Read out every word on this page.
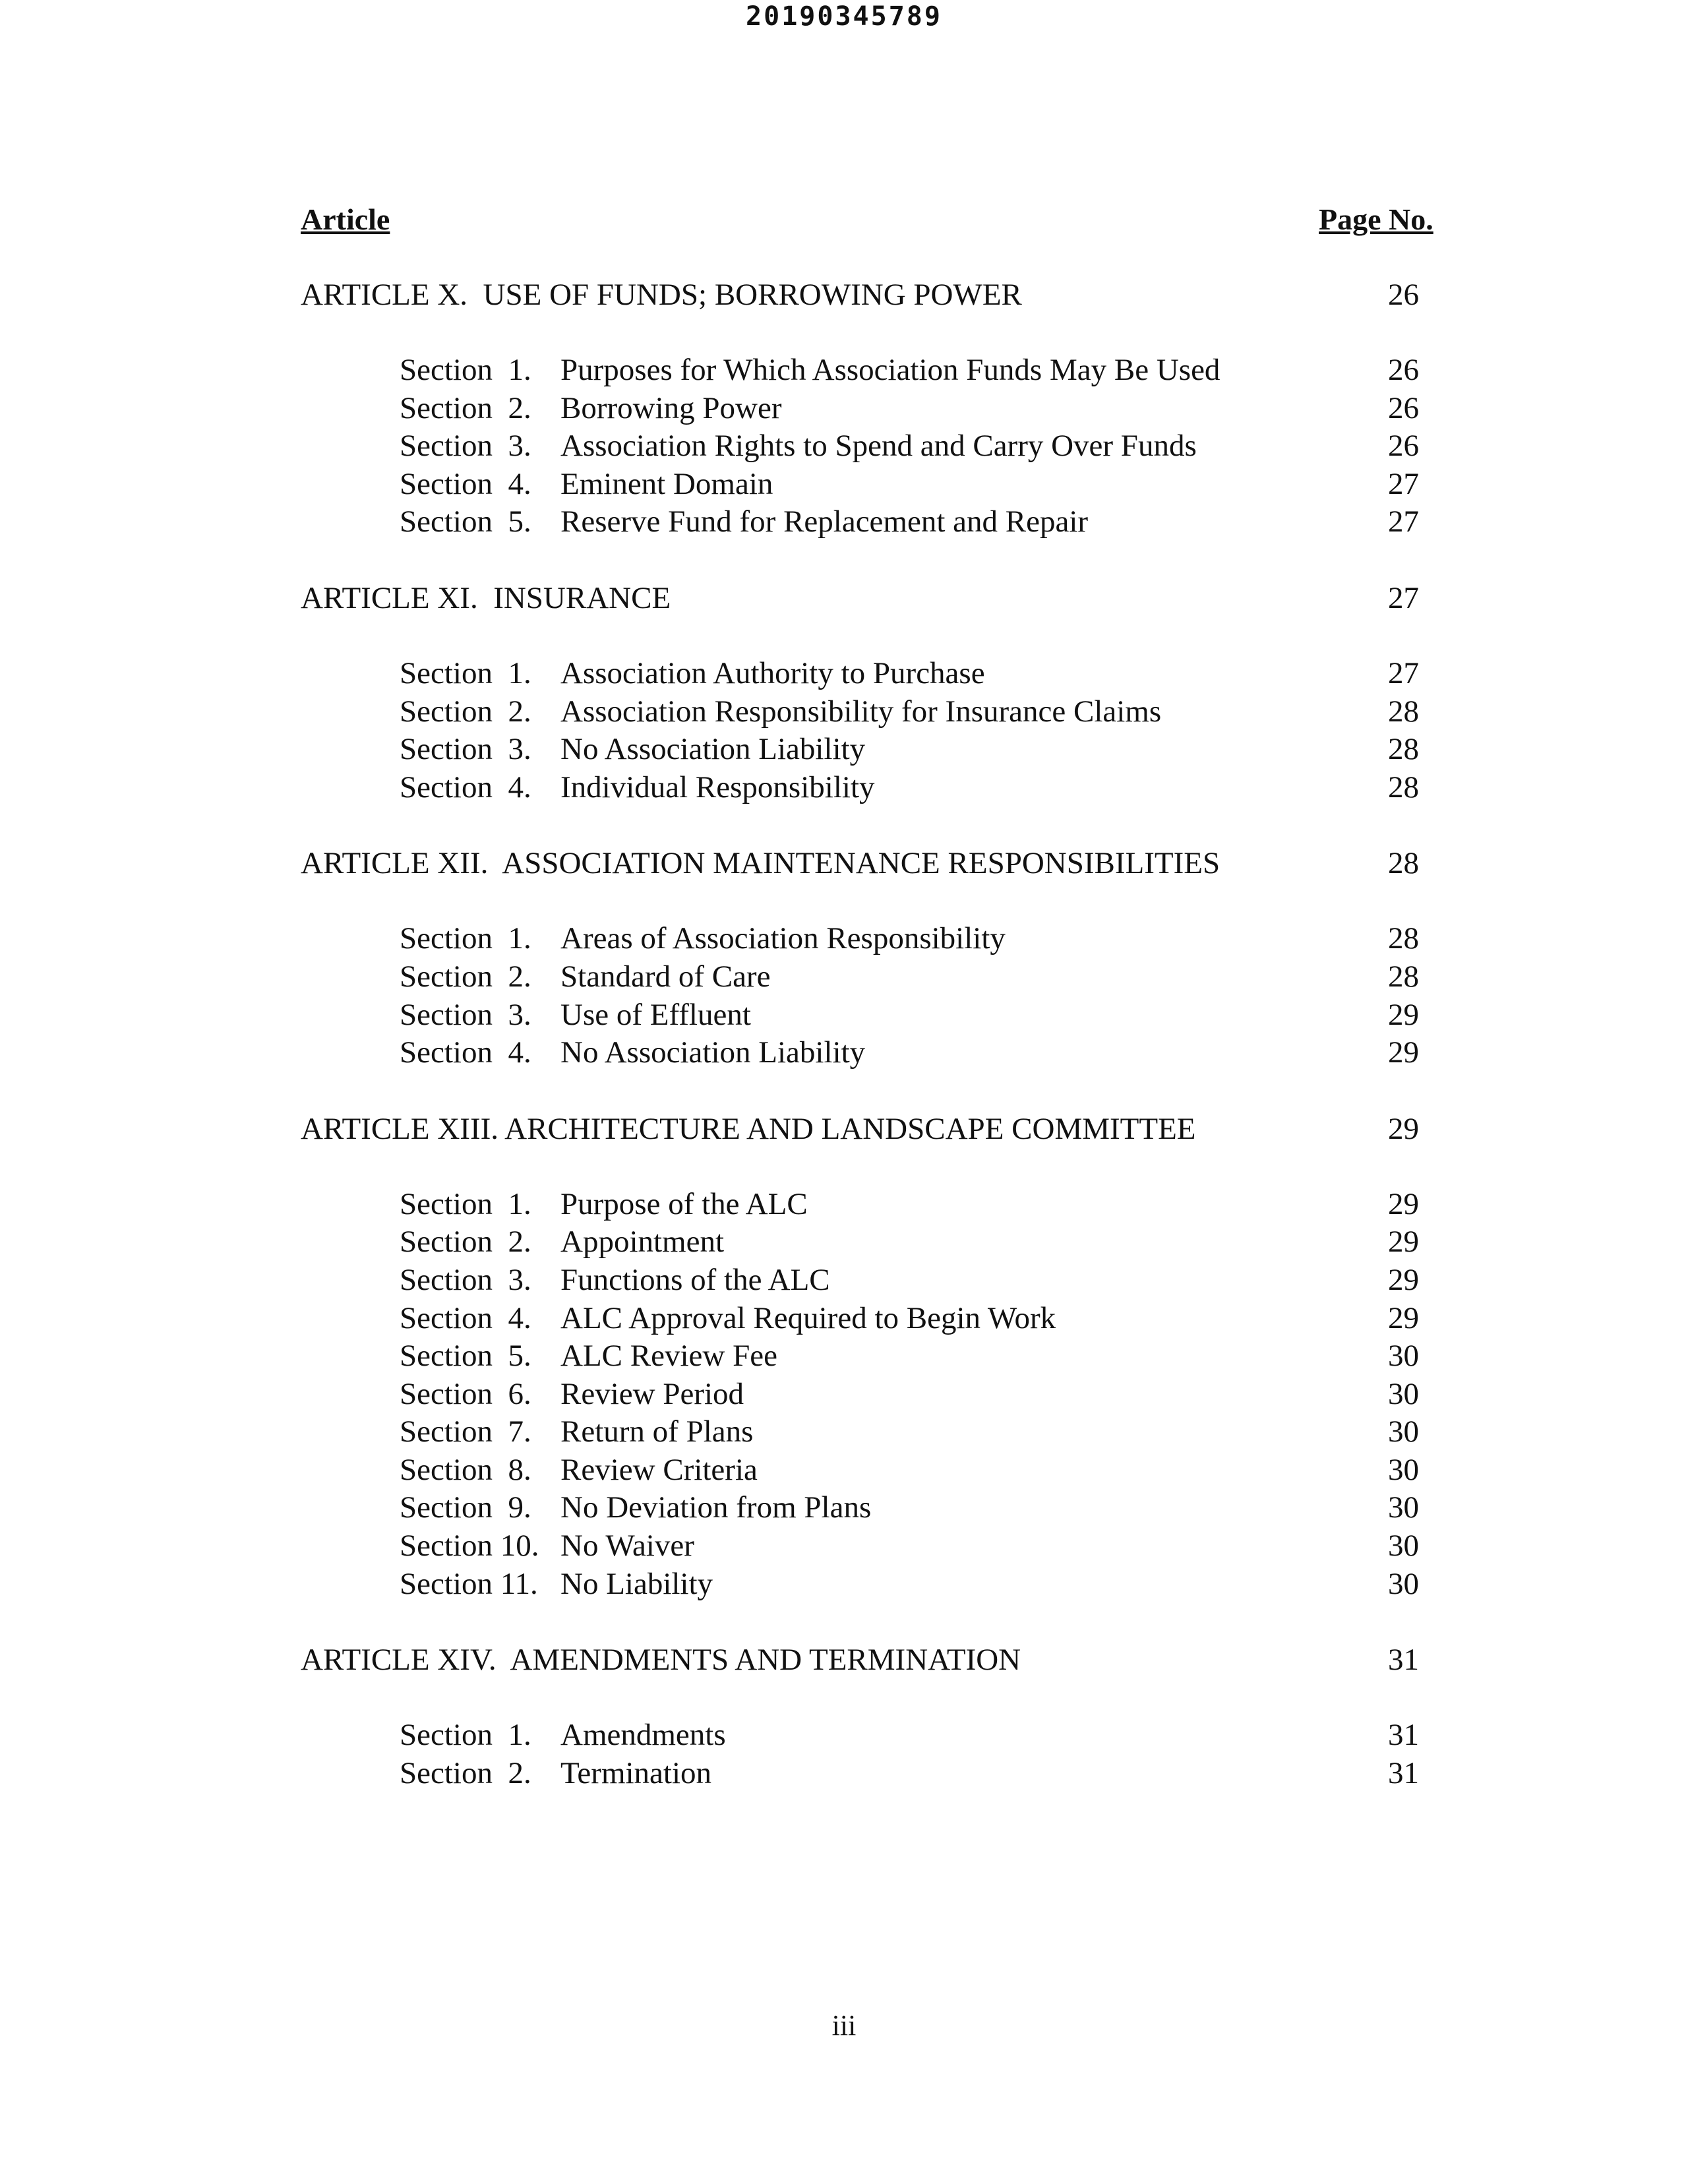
20190345789
Article	Page No.
ARTICLE X.  USE OF FUNDS; BORROWING POWER	26
Section  1. Purposes for Which Association Funds May Be Used	26
Section  2. Borrowing Power	26
Section  3. Association Rights to Spend and Carry Over Funds	26
Section  4. Eminent Domain	27
Section  5. Reserve Fund for Replacement and Repair	27
ARTICLE XI.  INSURANCE	27
Section  1. Association Authority to Purchase	27
Section  2. Association Responsibility for Insurance Claims	28
Section  3. No Association Liability	28
Section  4. Individual Responsibility	28
ARTICLE XII.  ASSOCIATION MAINTENANCE RESPONSIBILITIES	28
Section  1. Areas of Association Responsibility	28
Section  2. Standard of Care	28
Section  3. Use of Effluent	29
Section  4. No Association Liability	29
ARTICLE XIII. ARCHITECTURE AND LANDSCAPE COMMITTEE	29
Section  1. Purpose of the ALC	29
Section  2. Appointment	29
Section  3. Functions of the ALC	29
Section  4. ALC Approval Required to Begin Work	29
Section  5. ALC Review Fee	30
Section  6. Review Period	30
Section  7. Return of Plans	30
Section  8. Review Criteria	30
Section  9. No Deviation from Plans	30
Section 10. No Waiver	30
Section 11. No Liability	30
ARTICLE XIV.  AMENDMENTS AND TERMINATION	31
Section  1. Amendments	31
Section  2. Termination	31
iii
